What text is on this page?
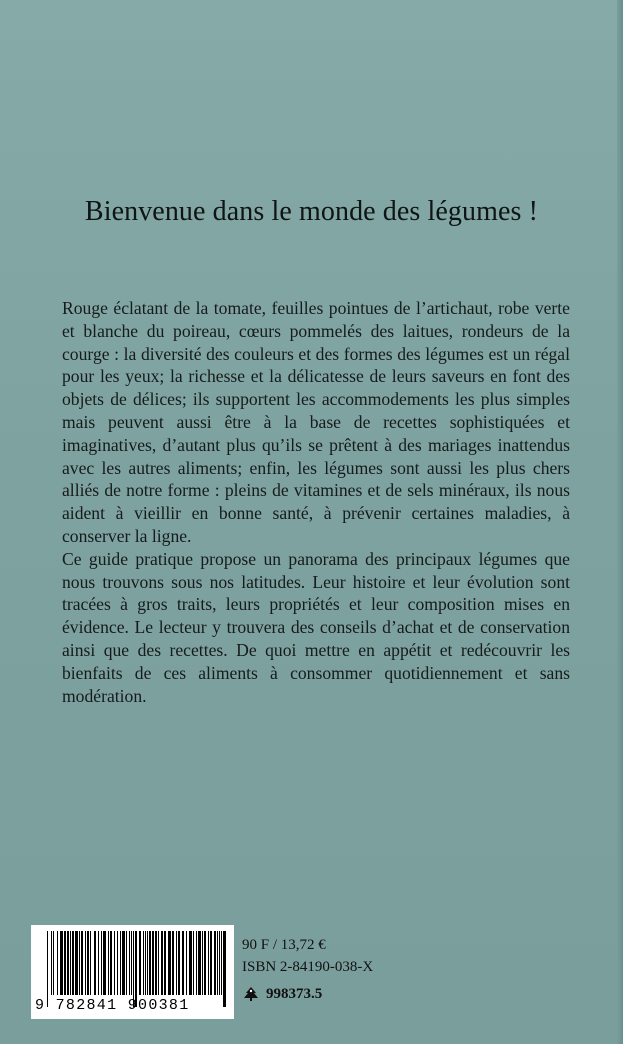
Bienvenue dans le monde des légumes !

Rouge éclatant de la tomate, feuilles pointues de l’artichaut, robe verte et blanche du poireau, cœurs pommelés des laitues, rondeurs de la courge : la diversité des couleurs et des formes des légumes est un régal pour les yeux; la richesse et la délicatesse de leurs saveurs en font des objets de délices; ils supportent les accommodements les plus simples mais peuvent aussi être à la base de recettes sophistiquées et imaginatives, d’autant plus qu’ils se prêtent à des mariages inattendus avec les autres aliments; enfin, les légumes sont aussi les plus chers alliés de notre forme : pleins de vitamines et de sels minéraux, ils nous aident à vieillir en bonne santé, à prévenir certaines maladies, à conserver la ligne.

Ce guide pratique propose un panorama des principaux légumes que nous trouvons sous nos latitudes. Leur histoire et leur évolution sont tracées à gros traits, leurs propriétés et leur composition mises en évidence. Le lecteur y trouvera des conseils d’achat et de conservation ainsi que des recettes. De quoi mettre en appétit et redécouvrir les bienfaits de ces aliments à consommer quotidiennement et sans modération.

9 782841 900381
90 F / 13,72 €
ISBN 2-84190-038-X
998373.5
